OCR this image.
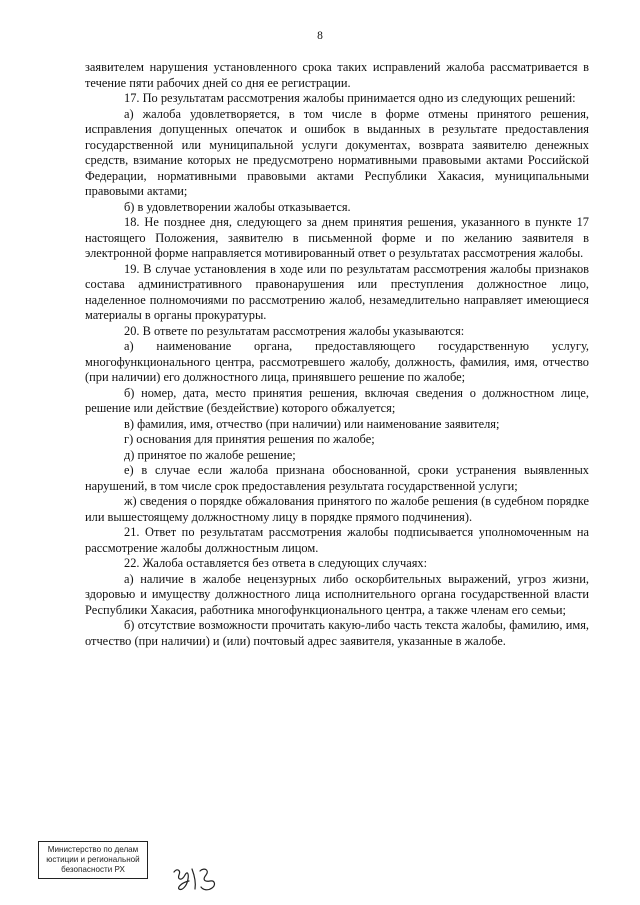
8

заявителем нарушения установленного срока таких исправлений жалоба рассматривается в течение пяти рабочих дней со дня ее регистрации.

17. По результатам рассмотрения жалобы принимается одно из следующих решений:

а) жалоба удовлетворяется, в том числе в форме отмены принятого решения, исправления допущенных опечаток и ошибок в выданных в результате предоставления государственной или муниципальной услуги документах, возврата заявителю денежных средств, взимание которых не предусмотрено нормативными правовыми актами Российской Федерации, нормативными правовыми актами Республики Хакасия, муниципальными правовыми актами;

б) в удовлетворении жалобы отказывается.

18. Не позднее дня, следующего за днем принятия решения, указанного в пункте 17 настоящего Положения, заявителю в письменной форме и по желанию заявителя в электронной форме направляется мотивированный ответ о результатах рассмотрения жалобы.

19. В случае установления в ходе или по результатам рассмотрения жалобы признаков состава административного правонарушения или преступления должностное лицо, наделенное полномочиями по рассмотрению жалоб, незамедлительно направляет имеющиеся материалы в органы прокуратуры.

20. В ответе по результатам рассмотрения жалобы указываются:

а) наименование органа, предоставляющего государственную услугу, многофункционального центра, рассмотревшего жалобу, должность, фамилия, имя, отчество (при наличии) его должностного лица, принявшего решение по жалобе;

б) номер, дата, место принятия решения, включая сведения о должностном лице, решение или действие (бездействие) которого обжалуется;

в) фамилия, имя, отчество (при наличии) или наименование заявителя;

г) основания для принятия решения по жалобе;

д) принятое по жалобе решение;

е) в случае если жалоба признана обоснованной, сроки устранения выявленных нарушений, в том числе срок предоставления результата государственной услуги;

ж) сведения о порядке обжалования принятого по жалобе решения (в судебном порядке или вышестоящему должностному лицу в порядке прямого подчинения).

21. Ответ по результатам рассмотрения жалобы подписывается уполномоченным на рассмотрение жалобы должностным лицом.

22. Жалоба оставляется без ответа в следующих случаях:

а) наличие в жалобе нецензурных либо оскорбительных выражений, угроз жизни, здоровью и имуществу должностного лица исполнительного органа государственной власти Республики Хакасия, работника многофункционального центра, а также членам его семьи;

б) отсутствие возможности прочитать какую-либо часть текста жалобы, фамилию, имя, отчество (при наличии) и (или) почтовый адрес заявителя, указанные в жалобе.

Министерство по делам
юстиции и региональной
безопасности РХ
